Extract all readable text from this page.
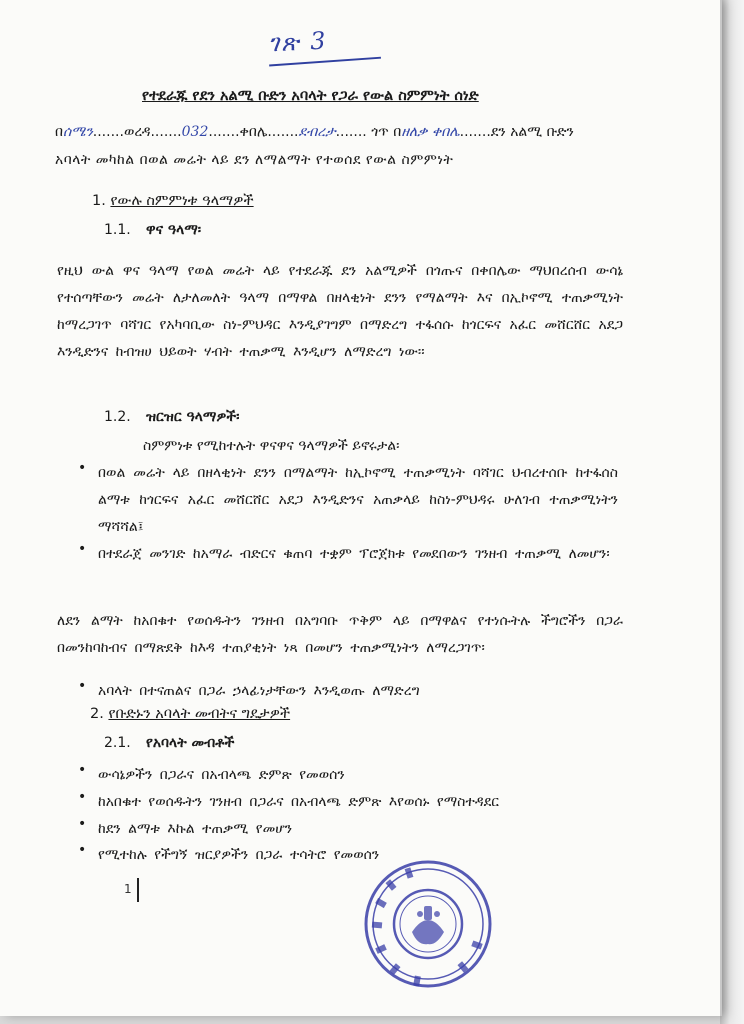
ገጽ 3
የተደራጁ የደን አልሚ ቡድን አባላት የጋራ የውል ስምምነት ሰነድ
በሰሜን.......ወረዳ.......032.......ቀበሌ.......ደብረታ....... ጎጥ በዘለቃ ቀበሌ.......ደን አልሚ ቡድን
አባላት መካከል በወል መሬት ላይ ደን ለማልማት የተወሰደ የውል ስምምነት
1. የውሉ ስምምነቱ ዓላማዎች
1.1. ዋና ዓላማ፡
የዚህ ውል ዋና ዓላማ የወል መሬት ላይ የተደራጁ ደን አልሚዎች በጎጡና በቀበሌው ማህበረሰብ ውሳኔ የተሰጣቸውን መሬት ለታለመለት ዓላማ በማዋል በዘላቂነት ደንን የማልማት እና በኢኮኖሚ ተጠቃሚነት ከማረጋገጥ ባሻገር የአካባቢው ስነ-ምህዳር እንዲያገግም በማድረግ ተፋሰሱ ከጎርፍና አፈር መሸርሸር አደጋ እንዲድንና ከብዝሀ ህይወት ሃብት ተጠቃሚ እንዲሆን ለማድረግ ነው፡፡
1.2. ዝርዝር ዓላማዎች፡
ስምምነቱ የሚከተሉት ዋናዋና ዓላማዎች ይኖሩታል፡
• በወል መሬት ላይ በዘላቂነት ደንን በማልማት ከኢኮኖሚ ተጠቃሚነት ባሻገር ህብረተሰቡ ከተፋሰስ ልማቱ ከጎርፍና አፈር መሸርሸር አደጋ እንዲድንና አጠቃላይ ከስነ-ምህዳሩ ሁለገብ ተጠቃሚነትን ማሻሻል፤
• በተደራጀ መንገድ ከአማራ ብድርና ቁጠባ ተቋም ፕሮጀክቱ የመደበውን ገንዘብ ተጠቃሚ ለመሆን፡
ለደን ልማት ከአበቁተ የወሰዱትን ገንዘብ በአግባቡ ጥቅም ላይ በማዋልና የተነሱትሉ ችግሮችን በጋራ በመንከባከብና በማጽደቅ ከእዳ ተጠያቂነት ነጻ በመሆን ተጠቃሚነትን ለማረጋገጥ፡
• አባላት በተናጠልና በጋራ ኃላፊነታቸውን እንዲወጡ ለማድረግ
2. የቡድኑን አባላት መብትና ግዴታዎች
2.1. የአባላት መብቶች
• ውሳኔዎችን በጋራና በአብላጫ ድምጽ የመወሰን
• ከአበቁተ የወሰዱትን ገንዘብ በጋራና በአብላጫ ድምጽ እየወሰኑ የማስተዳደር
• ከደን ልማቱ እኩል ተጠቃሚ የመሆን
• የሚተከሉ የችግኝ ዝርያዎችን በጋራ ተሳትሮ የመወሰን
1
